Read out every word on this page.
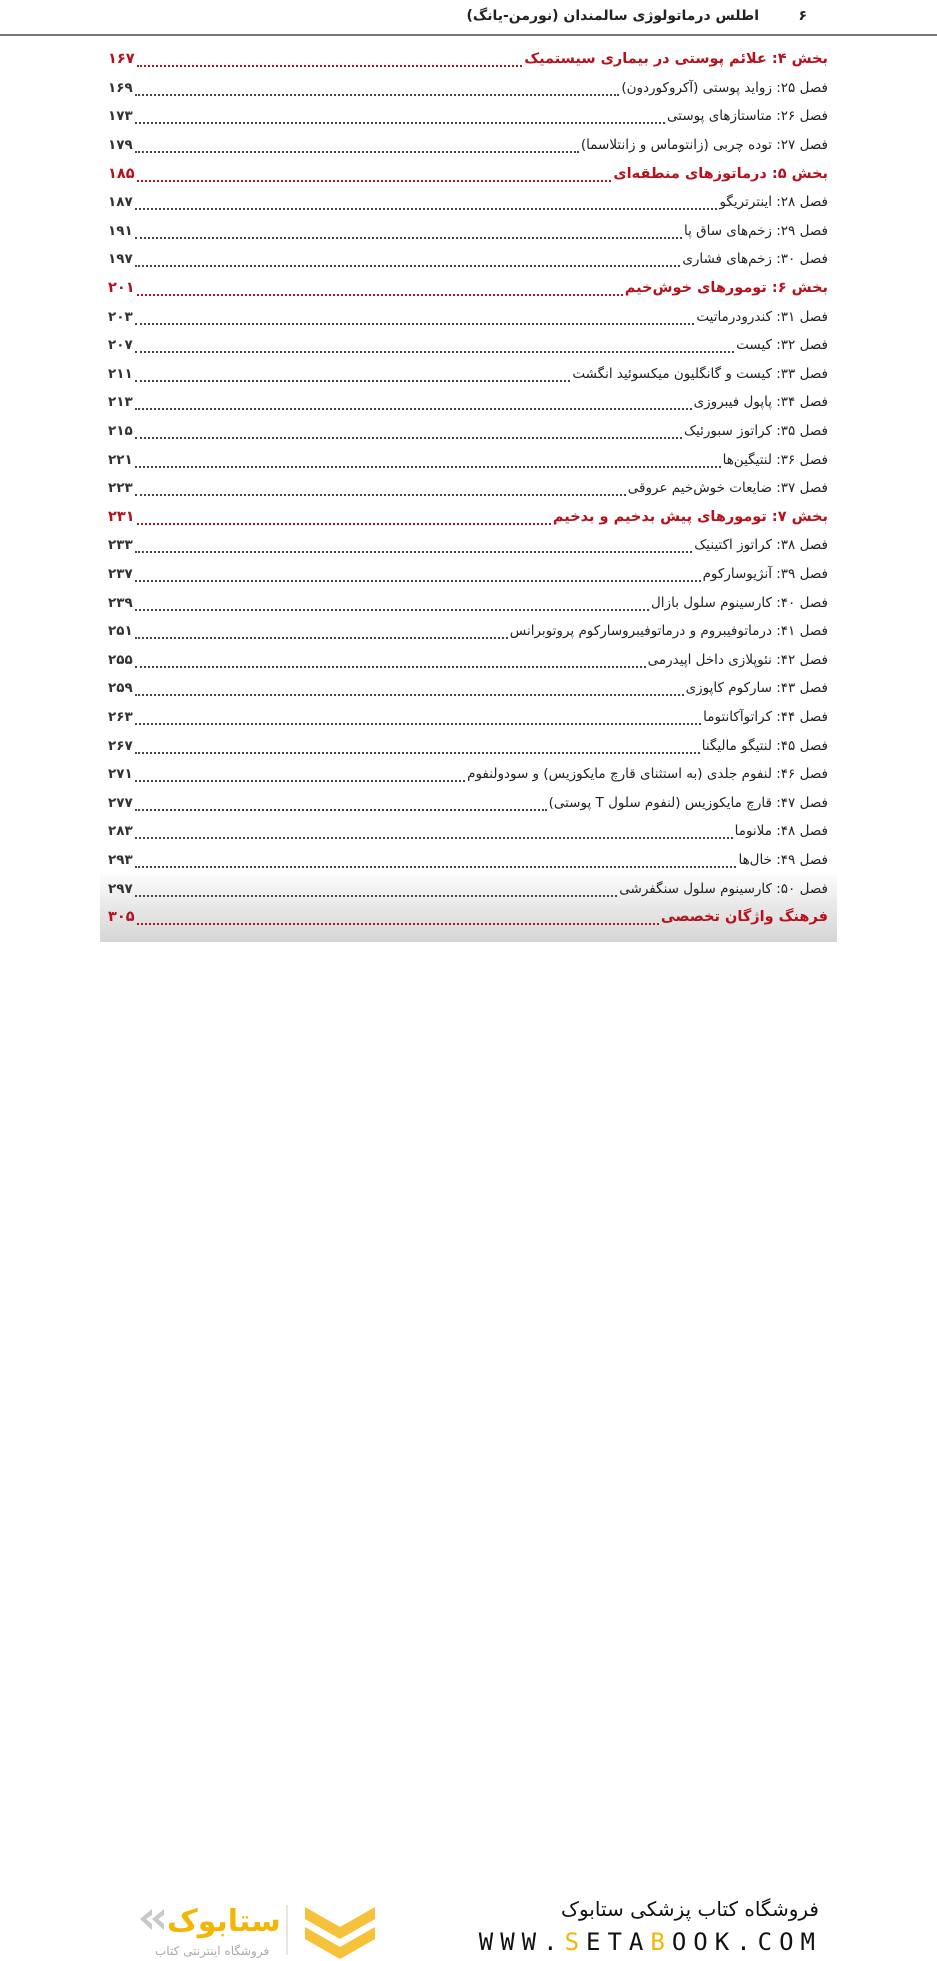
۶
اطلس درماتولوژی سالمندان (نورمن-یانگ)
بخش ۴: علائم پوستی در بیماری سیستمیک
۱۶۷
فصل ۲۵: زواید پوستی (آکروکوردون)
۱۶۹
فصل ۲۶: متاستازهای پوستی
۱۷۳
فصل ۲۷: توده چربی (زانتوماس و زانتلاسما)
۱۷۹
بخش ۵: درماتوزهای منطقه‌ای
۱۸۵
فصل ۲۸: اینترتریگو
۱۸۷
فصل ۲۹: زخم‌های ساق پا
۱۹۱
فصل ۳۰: زخم‌های فشاری
۱۹۷
بخش ۶: تومورهای خوش‌خیم
۲۰۱
فصل ۳۱: کندرودرماتیت
۲۰۳
فصل ۳۲: کیست
۲۰۷
فصل ۳۳: کیست و گانگلیون میکسوئید انگشت
۲۱۱
فصل ۳۴: پاپول فیبروزی
۲۱۳
فصل ۳۵: کراتوز سبورئیک
۲۱۵
فصل ۳۶: لنتیگین‌ها
۲۲۱
فصل ۳۷: ضایعات خوش‌خیم عروقی
۲۲۳
بخش ۷: تومورهای پیش بدخیم و بدخیم
۲۳۱
فصل ۳۸: کراتوز اکتینیک
۲۳۳
فصل ۳۹: آنژیوسارکوم
۲۳۷
فصل ۴۰: کارسینوم سلول بازال
۲۳۹
فصل ۴۱: درماتوفیبروم و درماتوفیبروسارکوم پروتوبرانس
۲۵۱
فصل ۴۲: نئوپلازی داخل اپیدرمی
۲۵۵
فصل ۴۳: سارکوم کاپوزی
۲۵۹
فصل ۴۴: کراتوآکانتوما
۲۶۳
فصل ۴۵: لنتیگو مالیگنا
۲۶۷
فصل ۴۶: لنفوم جلدی (به استثنای قارچ مایکوزیس) و سودولنفوم
۲۷۱
فصل ۴۷: قارچ مایکوزیس (لنفوم سلول T پوستی)
۲۷۷
فصل ۴۸: ملانوما
۲۸۳
فصل ۴۹: خال‌ها
۲۹۳
فصل ۵۰: کارسینوم سلول سنگفرشی
۲۹۷
فرهنگ واژگان تخصصی
۳۰۵
ستابوک
فروشگاه اینترنتی کتاب
فروشگاه کتاب پزشکی ستابوک
WWW.SETABOOK.COM
